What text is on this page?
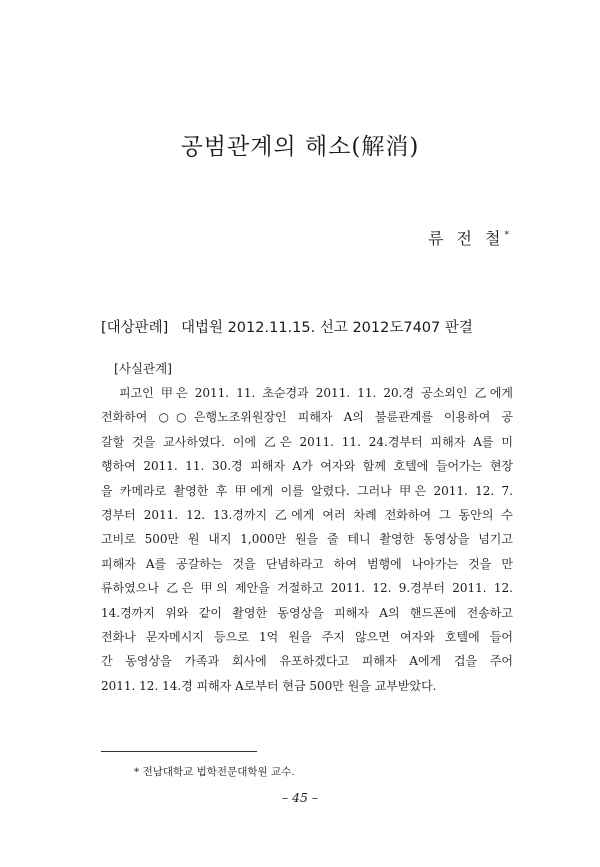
공범관계의 해소(解消)
류 전 철*
[대상판례] 대법원 2012.11.15. 선고 2012도7407 판결
[사실관계]
피고인 甲은 2011. 11. 초순경과 2011. 11. 20.경 공소외인 乙에게
전화하여 ○○은행노조위원장인 피해자 A의 불륜관계를 이용하여 공
갈할 것을 교사하였다. 이에 乙은 2011. 11. 24.경부터 피해자 A를 미
행하여 2011. 11. 30.경 피해자 A가 여자와 함께 호텔에 들어가는 현장
을 카메라로 촬영한 후 甲에게 이를 알렸다. 그러나 甲은 2011. 12. 7.
경부터 2011. 12. 13.경까지 乙에게 여러 차례 전화하여 그 동안의 수
고비로 500만 원 내지 1,000만 원을 줄 테니 촬영한 동영상을 넘기고
피해자 A를 공갈하는 것을 단념하라고 하여 범행에 나아가는 것을 만
류하였으나 乙은 甲의 제안을 거절하고 2011. 12. 9.경부터 2011. 12.
14.경까지 위와 같이 촬영한 동영상을 피해자 A의 핸드폰에 전송하고
전화나 문자메시지 등으로 1억 원을 주지 않으면 여자와 호텔에 들어
간 동영상을 가족과 회사에 유포하겠다고 피해자 A에게 겁을 주어
2011. 12. 14.경 피해자 A로부터 현금 500만 원을 교부받았다.
* 전남대학교 법학전문대학원 교수.
– 45 –
